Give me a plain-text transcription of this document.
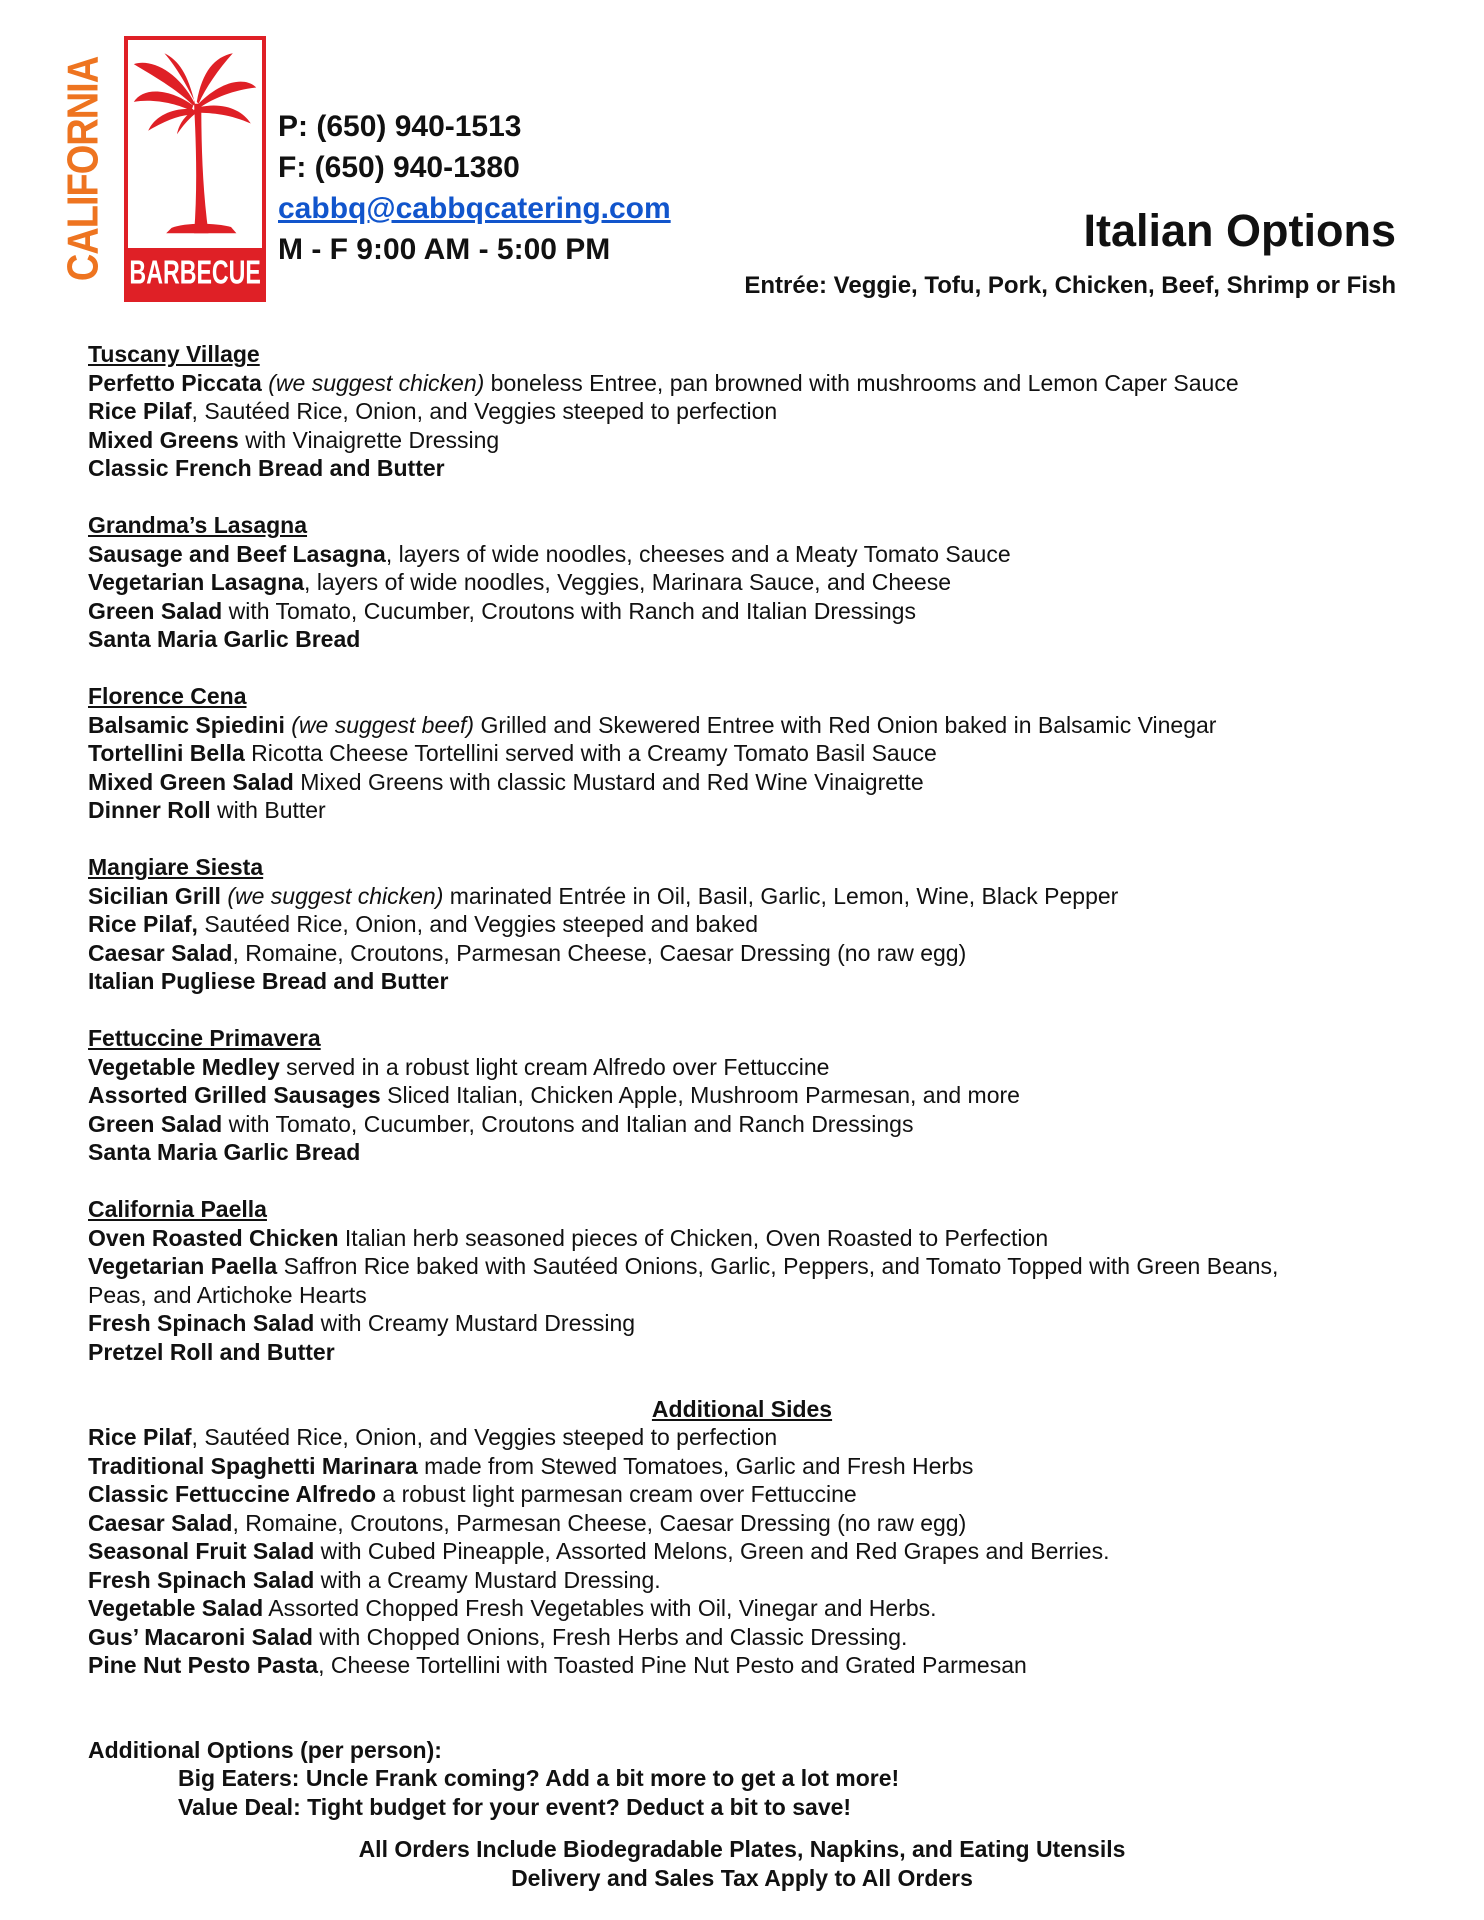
CALIFORNIA BARBECUE
P: (650) 940-1513
F: (650) 940-1380
cabbq@cabbqcatering.com
M - F 9:00 AM - 5:00 PM	Italian Options
Entrée: Veggie, Tofu, Pork, Chicken, Beef, Shrimp or Fish
Tuscany Village
Perfetto Piccata (we suggest chicken) boneless Entree, pan browned with mushrooms and Lemon Caper Sauce
Rice Pilaf, Sautéed Rice, Onion, and Veggies steeped to perfection
Mixed Greens with Vinaigrette Dressing
Classic French Bread and Butter
Grandma’s Lasagna
Sausage and Beef Lasagna, layers of wide noodles, cheeses and a Meaty Tomato Sauce
Vegetarian Lasagna, layers of wide noodles, Veggies, Marinara Sauce, and Cheese
Green Salad with Tomato, Cucumber, Croutons with Ranch and Italian Dressings
Santa Maria Garlic Bread
Florence Cena
Balsamic Spiedini (we suggest beef) Grilled and Skewered Entree with Red Onion baked in Balsamic Vinegar
Tortellini Bella Ricotta Cheese Tortellini served with a Creamy Tomato Basil Sauce
Mixed Green Salad Mixed Greens with classic Mustard and Red Wine Vinaigrette
Dinner Roll with Butter
Mangiare Siesta
Sicilian Grill (we suggest chicken) marinated Entrée in Oil, Basil, Garlic, Lemon, Wine, Black Pepper
Rice Pilaf, Sautéed Rice, Onion, and Veggies steeped and baked
Caesar Salad, Romaine, Croutons, Parmesan Cheese, Caesar Dressing (no raw egg)
Italian Pugliese Bread and Butter
Fettuccine Primavera
Vegetable Medley served in a robust light cream Alfredo over Fettuccine
Assorted Grilled Sausages Sliced Italian, Chicken Apple, Mushroom Parmesan, and more
Green Salad with Tomato, Cucumber, Croutons and Italian and Ranch Dressings
Santa Maria Garlic Bread
California Paella
Oven Roasted Chicken Italian herb seasoned pieces of Chicken, Oven Roasted to Perfection
Vegetarian Paella Saffron Rice baked with Sautéed Onions, Garlic, Peppers, and Tomato Topped with Green Beans,
Peas, and Artichoke Hearts
Fresh Spinach Salad with Creamy Mustard Dressing
Pretzel Roll and Butter
Additional Sides
Rice Pilaf, Sautéed Rice, Onion, and Veggies steeped to perfection
Traditional Spaghetti Marinara made from Stewed Tomatoes, Garlic and Fresh Herbs
Classic Fettuccine Alfredo a robust light parmesan cream over Fettuccine
Caesar Salad, Romaine, Croutons, Parmesan Cheese, Caesar Dressing (no raw egg)
Seasonal Fruit Salad with Cubed Pineapple, Assorted Melons, Green and Red Grapes and Berries.
Fresh Spinach Salad with a Creamy Mustard Dressing.
Vegetable Salad Assorted Chopped Fresh Vegetables with Oil, Vinegar and Herbs.
Gus’ Macaroni Salad with Chopped Onions, Fresh Herbs and Classic Dressing.
Pine Nut Pesto Pasta, Cheese Tortellini with Toasted Pine Nut Pesto and Grated Parmesan
Additional Options (per person):
Big Eaters: Uncle Frank coming? Add a bit more to get a lot more!
Value Deal: Tight budget for your event? Deduct a bit to save!
All Orders Include Biodegradable Plates, Napkins, and Eating Utensils
Delivery and Sales Tax Apply to All Orders
